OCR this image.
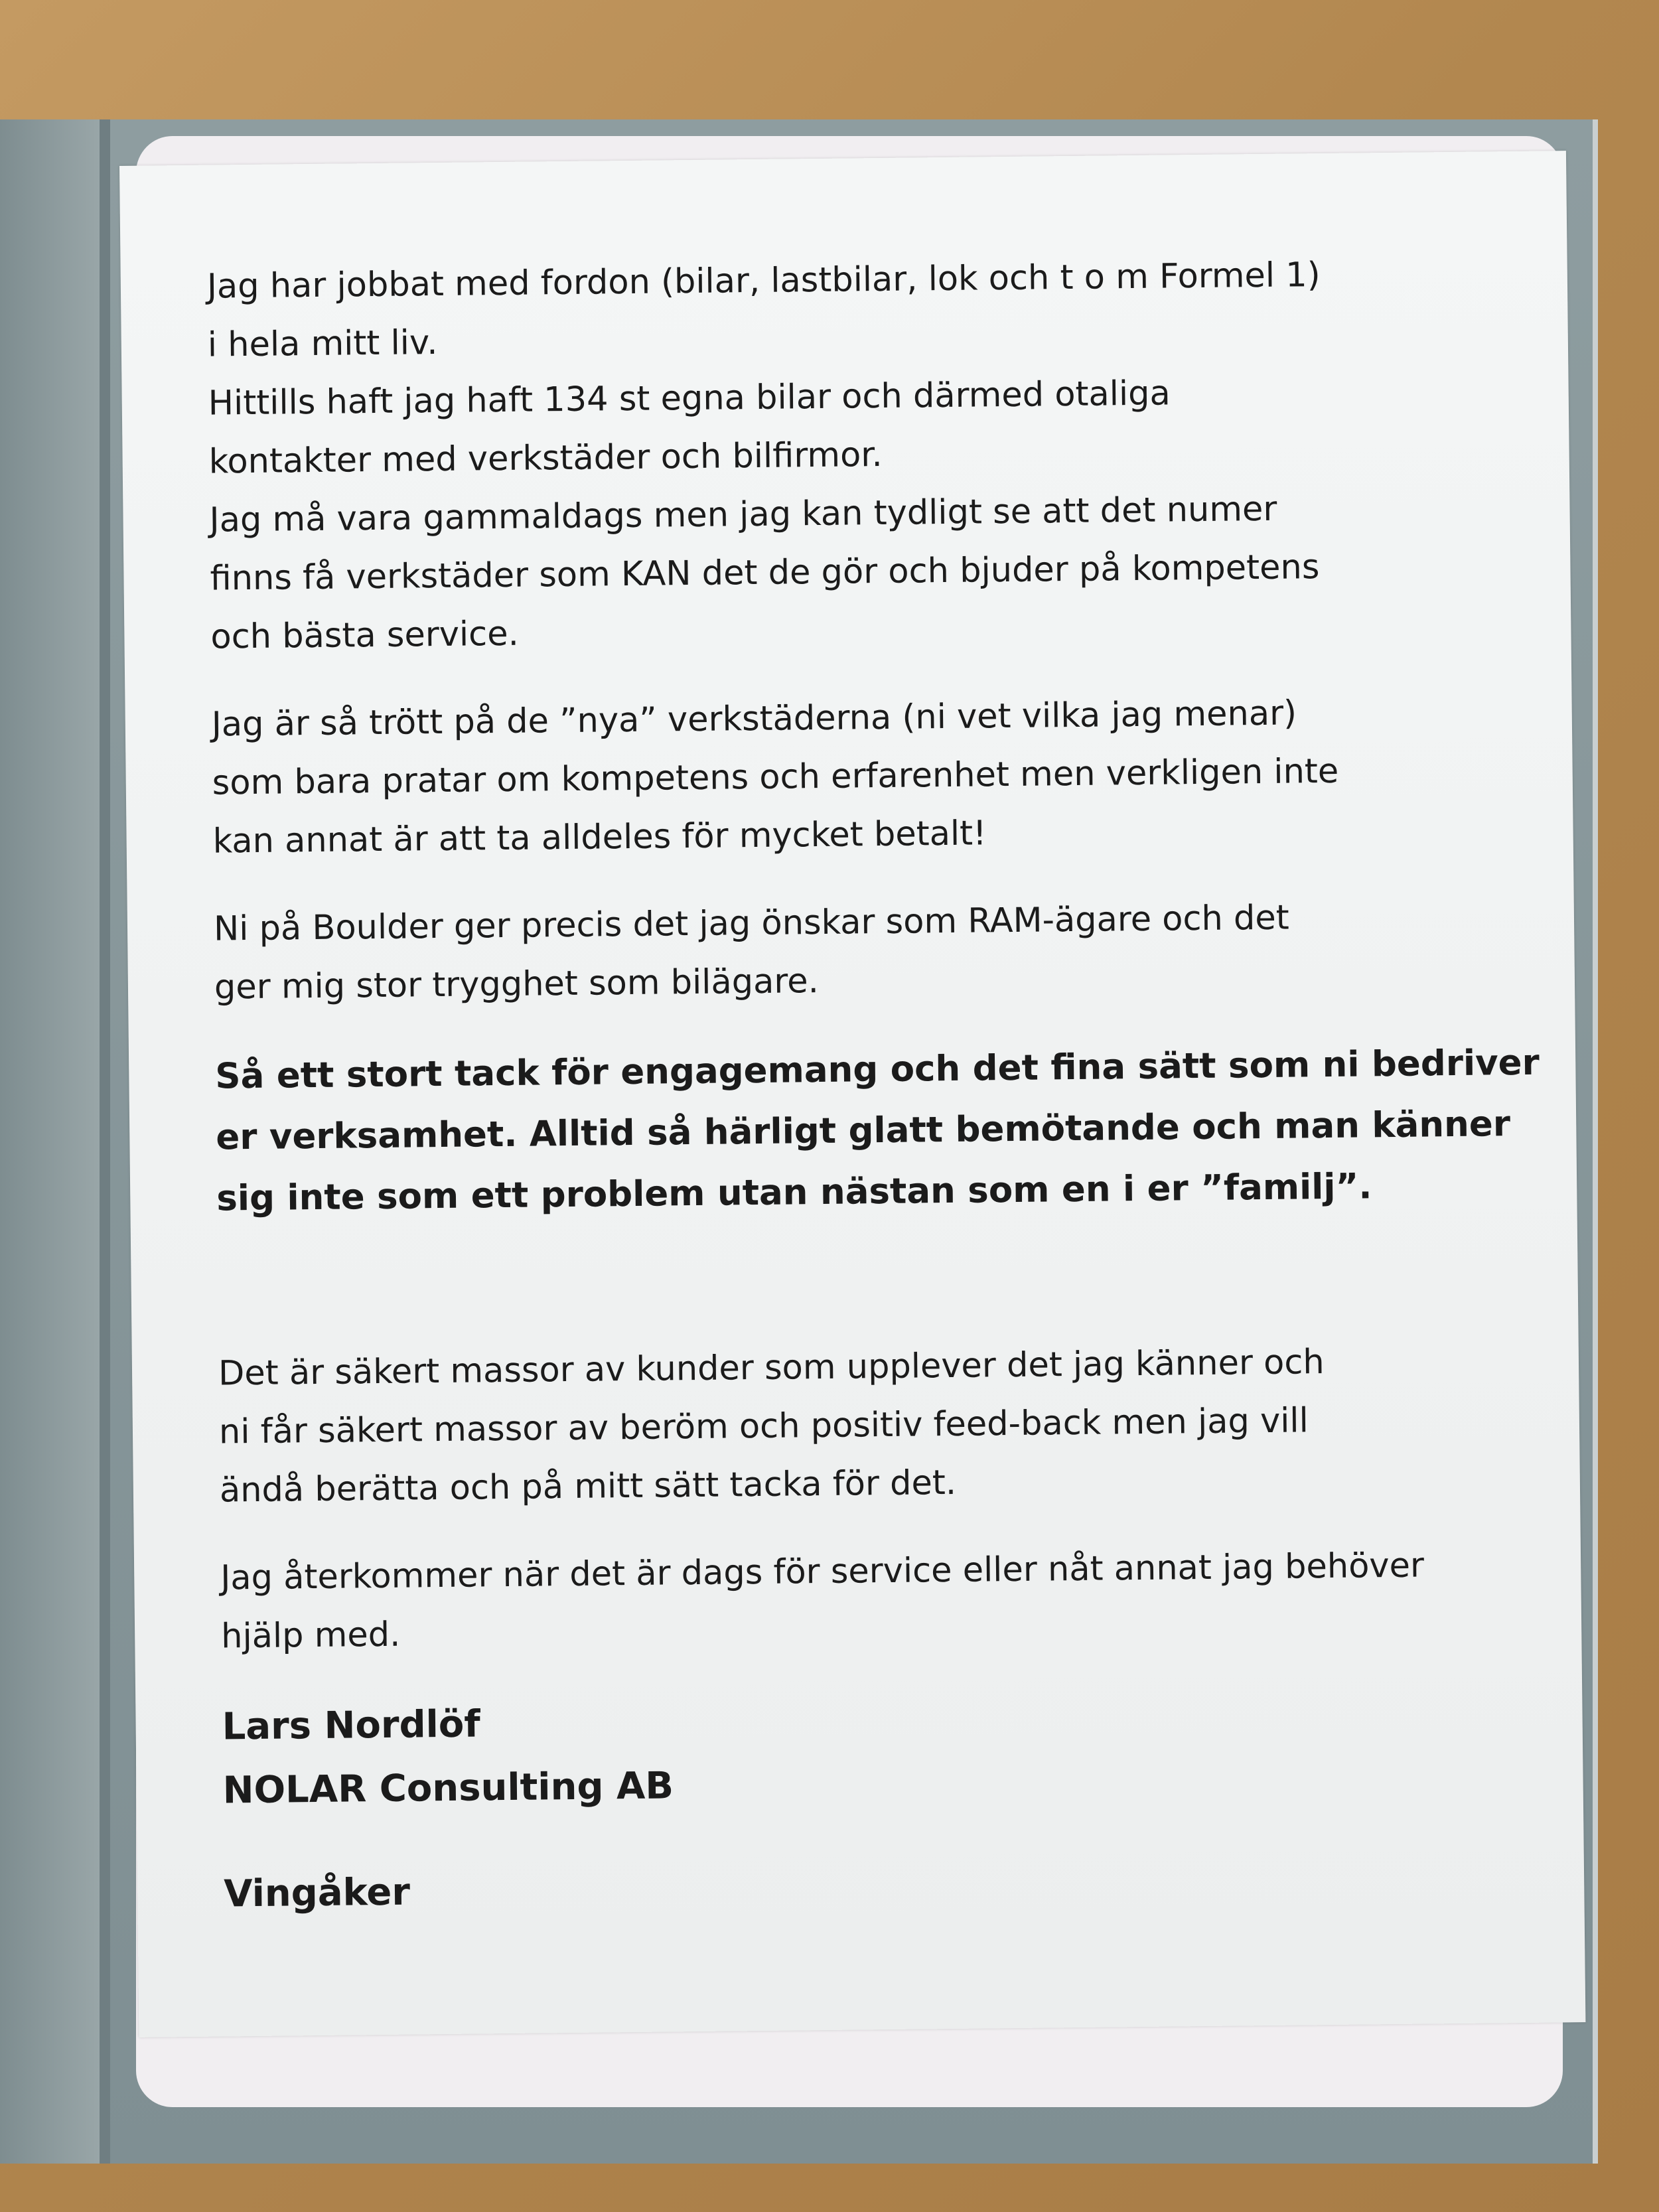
Jag har jobbat med fordon (bilar, lastbilar, lok och t o m Formel 1)
i hela mitt liv.
Hittills haft jag haft 134 st egna bilar och därmed otaliga
kontakter med verkstäder och bilfirmor.
Jag må vara gammaldags men jag kan tydligt se att det numer
finns få verkstäder som KAN det de gör och bjuder på kompetens
och bästa service.

Jag är så trött på de ”nya” verkstäderna (ni vet vilka jag menar)
som bara pratar om kompetens och erfarenhet men verkligen inte
kan annat är att ta alldeles för mycket betalt!

Ni på Boulder ger precis det jag önskar som RAM-ägare och det
ger mig stor trygghet som bilägare.

Så ett stort tack för engagemang och det fina sätt som ni bedriver
er verksamhet. Alltid så härligt glatt bemötande och man känner
sig inte som ett problem utan nästan som en i er ”familj”.

Det är säkert massor av kunder som upplever det jag känner och
ni får säkert massor av beröm och positiv feed-back men jag vill
ändå berätta och på mitt sätt tacka för det.

Jag återkommer när det är dags för service eller nåt annat jag behöver
hjälp med.

Lars Nordlöf
NOLAR Consulting AB
Vingåker
